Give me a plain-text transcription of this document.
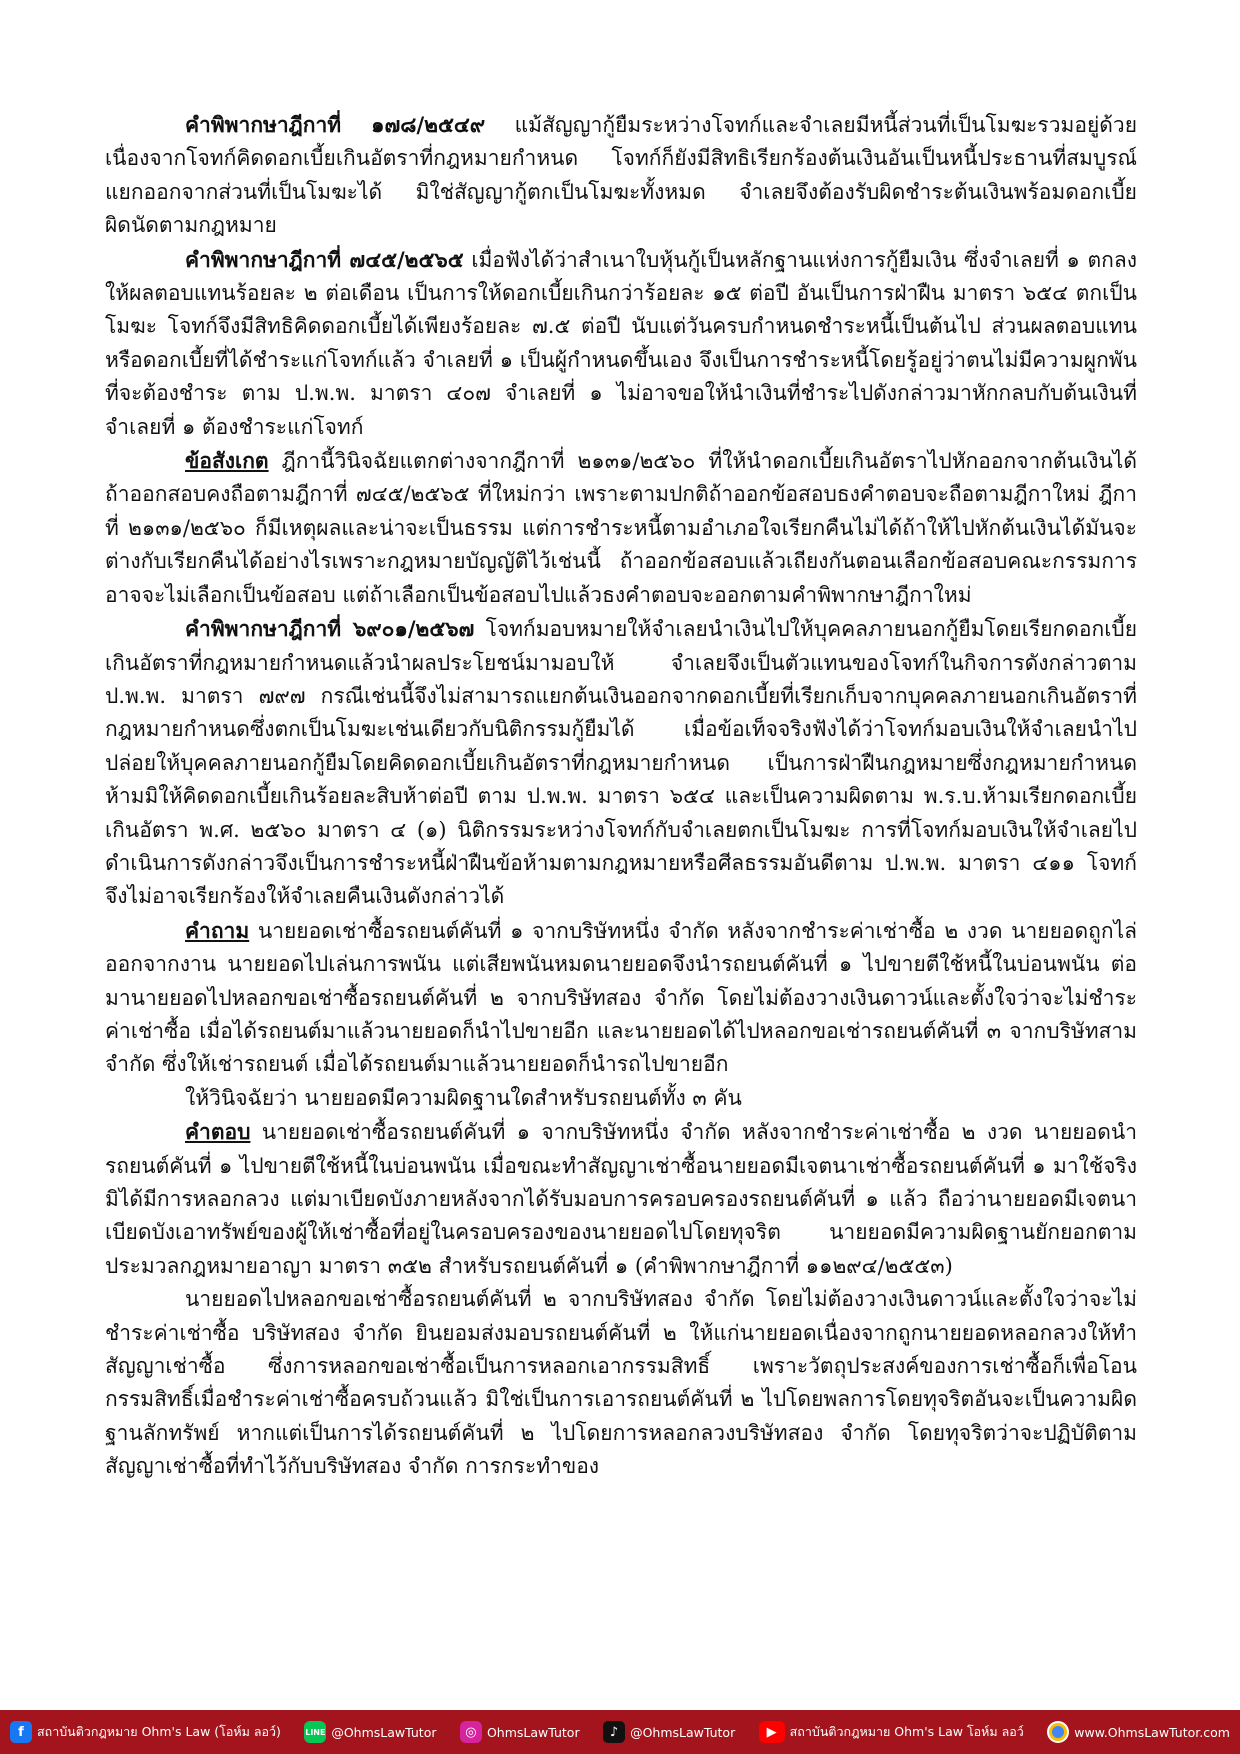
คำพิพากษาฎีกาที่ ๑๗๘/๒๕๔๙ แม้สัญญากู้ยืมระหว่างโจทก์และจำเลยมีหนี้ส่วนที่เป็นโมฆะรวมอยู่ด้วย เนื่องจากโจทก์คิดดอกเบี้ยเกินอัตราที่กฎหมายกำหนด โจทก์ก็ยังมีสิทธิเรียกร้องต้นเงินอันเป็นหนี้ประธานที่สมบูรณ์แยกออกจากส่วนที่เป็นโมฆะได้ มิใช่สัญญากู้ตกเป็นโมฆะทั้งหมด จำเลยจึงต้องรับผิดชำระต้นเงินพร้อมดอกเบี้ยผิดนัดตามกฎหมาย

คำพิพากษาฎีกาที่ ๗๔๕/๒๕๖๕ เมื่อฟังได้ว่าสำเนาใบหุ้นกู้เป็นหลักฐานแห่งการกู้ยืมเงิน ซึ่งจำเลยที่ ๑ ตกลงให้ผลตอบแทนร้อยละ ๒ ต่อเดือน เป็นการให้ดอกเบี้ยเกินกว่าร้อยละ ๑๕ ต่อปี อันเป็นการฝ่าฝืน มาตรา ๖๕๔ ตกเป็นโมฆะ โจทก์จึงมีสิทธิคิดดอกเบี้ยได้เพียงร้อยละ ๗.๕ ต่อปี นับแต่วันครบกำหนดชำระหนี้เป็นต้นไป ส่วนผลตอบแทนหรือดอกเบี้ยที่ได้ชำระแก่โจทก์แล้ว จำเลยที่ ๑ เป็นผู้กำหนดขึ้นเอง จึงเป็นการชำระหนี้โดยรู้อยู่ว่าตนไม่มีความผูกพันที่จะต้องชำระ ตาม ป.พ.พ. มาตรา ๔๐๗ จำเลยที่ ๑ ไม่อาจขอให้นำเงินที่ชำระไปดังกล่าวมาหักกลบกับต้นเงินที่จำเลยที่ ๑ ต้องชำระแก่โจทก์

ข้อสังเกต ฎีกานี้วินิจฉัยแตกต่างจากฎีกาที่ ๒๑๓๑/๒๕๖๐ ที่ให้นำดอกเบี้ยเกินอัตราไปหักออกจากต้นเงินได้ ถ้าออกสอบคงถือตามฎีกาที่ ๗๔๕/๒๕๖๕ ที่ใหม่กว่า เพราะตามปกติถ้าออกข้อสอบธงคำตอบจะถือตามฎีกาใหม่ ฎีกาที่ ๒๑๓๑/๒๕๖๐ ก็มีเหตุผลและน่าจะเป็นธรรม แต่การชำระหนี้ตามอำเภอใจเรียกคืนไม่ได้ถ้าให้ไปหักต้นเงินได้มันจะต่างกับเรียกคืนได้อย่างไรเพราะกฎหมายบัญญัติไว้เช่นนี้ ถ้าออกข้อสอบแล้วเถียงกันตอนเลือกข้อสอบคณะกรรมการอาจจะไม่เลือกเป็นข้อสอบ แต่ถ้าเลือกเป็นข้อสอบไปแล้วธงคำตอบจะออกตามคำพิพากษาฎีกาใหม่

คำพิพากษาฎีกาที่ ๖๙๐๑/๒๕๖๗ โจทก์มอบหมายให้จำเลยนำเงินไปให้บุคคลภายนอกกู้ยืมโดยเรียกดอกเบี้ยเกินอัตราที่กฎหมายกำหนดแล้วนำผลประโยชน์มามอบให้ จำเลยจึงเป็นตัวแทนของโจทก์ในกิจการดังกล่าวตาม ป.พ.พ. มาตรา ๗๙๗ กรณีเช่นนี้จึงไม่สามารถแยกต้นเงินออกจากดอกเบี้ยที่เรียกเก็บจากบุคคลภายนอกเกินอัตราที่กฎหมายกำหนดซึ่งตกเป็นโมฆะเช่นเดียวกับนิติกรรมกู้ยืมได้ เมื่อข้อเท็จจริงฟังได้ว่าโจทก์มอบเงินให้จำเลยนำไปปล่อยให้บุคคลภายนอกกู้ยืมโดยคิดดอกเบี้ยเกินอัตราที่กฎหมายกำหนด เป็นการฝ่าฝืนกฎหมายซึ่งกฎหมายกำหนดห้ามมิให้คิดดอกเบี้ยเกินร้อยละสิบห้าต่อปี ตาม ป.พ.พ. มาตรา ๖๕๔ และเป็นความผิดตาม พ.ร.บ.ห้ามเรียกดอกเบี้ยเกินอัตรา พ.ศ. ๒๕๖๐ มาตรา ๔ (๑) นิติกรรมระหว่างโจทก์กับจำเลยตกเป็นโมฆะ การที่โจทก์มอบเงินให้จำเลยไปดำเนินการดังกล่าวจึงเป็นการชำระหนี้ฝ่าฝืนข้อห้ามตามกฎหมายหรือศีลธรรมอันดีตาม ป.พ.พ. มาตรา ๔๑๑ โจทก์จึงไม่อาจเรียกร้องให้จำเลยคืนเงินดังกล่าวได้

คำถาม นายยอดเช่าซื้อรถยนต์คันที่ ๑ จากบริษัทหนึ่ง จำกัด หลังจากชำระค่าเช่าซื้อ ๒ งวด นายยอดถูกไล่ออกจากงาน นายยอดไปเล่นการพนัน แต่เสียพนันหมดนายยอดจึงนำรถยนต์คันที่ ๑ ไปขายตีใช้หนี้ในบ่อนพนัน ต่อมานายยอดไปหลอกขอเช่าซื้อรถยนต์คันที่ ๒ จากบริษัทสอง จำกัด โดยไม่ต้องวางเงินดาวน์และตั้งใจว่าจะไม่ชำระค่าเช่าซื้อ เมื่อได้รถยนต์มาแล้วนายยอดก็นำไปขายอีก และนายยอดได้ไปหลอกขอเช่ารถยนต์คันที่ ๓ จากบริษัทสาม จำกัด ซึ่งให้เช่ารถยนต์ เมื่อได้รถยนต์มาแล้วนายยอดก็นำรถไปขายอีก

ให้วินิจฉัยว่า นายยอดมีความผิดฐานใดสำหรับรถยนต์ทั้ง ๓ คัน

คำตอบ นายยอดเช่าซื้อรถยนต์คันที่ ๑ จากบริษัทหนึ่ง จำกัด หลังจากชำระค่าเช่าซื้อ ๒ งวด นายยอดนำรถยนต์คันที่ ๑ ไปขายตีใช้หนี้ในบ่อนพนัน เมื่อขณะทำสัญญาเช่าซื้อนายยอดมีเจตนาเช่าซื้อรถยนต์คันที่ ๑ มาใช้จริง มิได้มีการหลอกลวง แต่มาเบียดบังภายหลังจากได้รับมอบการครอบครองรถยนต์คันที่ ๑ แล้ว ถือว่านายยอดมีเจตนาเบียดบังเอาทรัพย์ของผู้ให้เช่าซื้อที่อยู่ในครอบครองของนายยอดไปโดยทุจริต นายยอดมีความผิดฐานยักยอกตามประมวลกฎหมายอาญา มาตรา ๓๕๒ สำหรับรถยนต์คันที่ ๑ (คำพิพากษาฎีกาที่ ๑๑๒๙๔/๒๕๕๓)

นายยอดไปหลอกขอเช่าซื้อรถยนต์คันที่ ๒ จากบริษัทสอง จำกัด โดยไม่ต้องวางเงินดาวน์และตั้งใจว่าจะไม่ชำระค่าเช่าซื้อ บริษัทสอง จำกัด ยินยอมส่งมอบรถยนต์คันที่ ๒ ให้แก่นายยอดเนื่องจากถูกนายยอดหลอกลวงให้ทำสัญญาเช่าซื้อ ซึ่งการหลอกขอเช่าซื้อเป็นการหลอกเอากรรมสิทธิ์ เพราะวัตถุประสงค์ของการเช่าซื้อก็เพื่อโอนกรรมสิทธิ์เมื่อชำระค่าเช่าซื้อครบถ้วนแล้ว มิใช่เป็นการเอารถยนต์คันที่ ๒ ไปโดยพลการโดยทุจริตอันจะเป็นความผิดฐานลักทรัพย์ หากแต่เป็นการได้รถยนต์คันที่ ๒ ไปโดยการหลอกลวงบริษัทสอง จำกัด โดยทุจริตว่าจะปฏิบัติตามสัญญาเช่าซื้อที่ทำไว้กับบริษัทสอง จำกัด การกระทำของ

f	สถาบันติวกฎหมาย Ohm's Law (โอห์ม ลอว์)	LINE @OhmsLawTutor	◎ OhmsLawTutor	♪ @OhmsLawTutor	▶	สถาบันติวกฎหมาย Ohm's Law โอห์ม ลอว์	www.OhmsLawTutor.com
